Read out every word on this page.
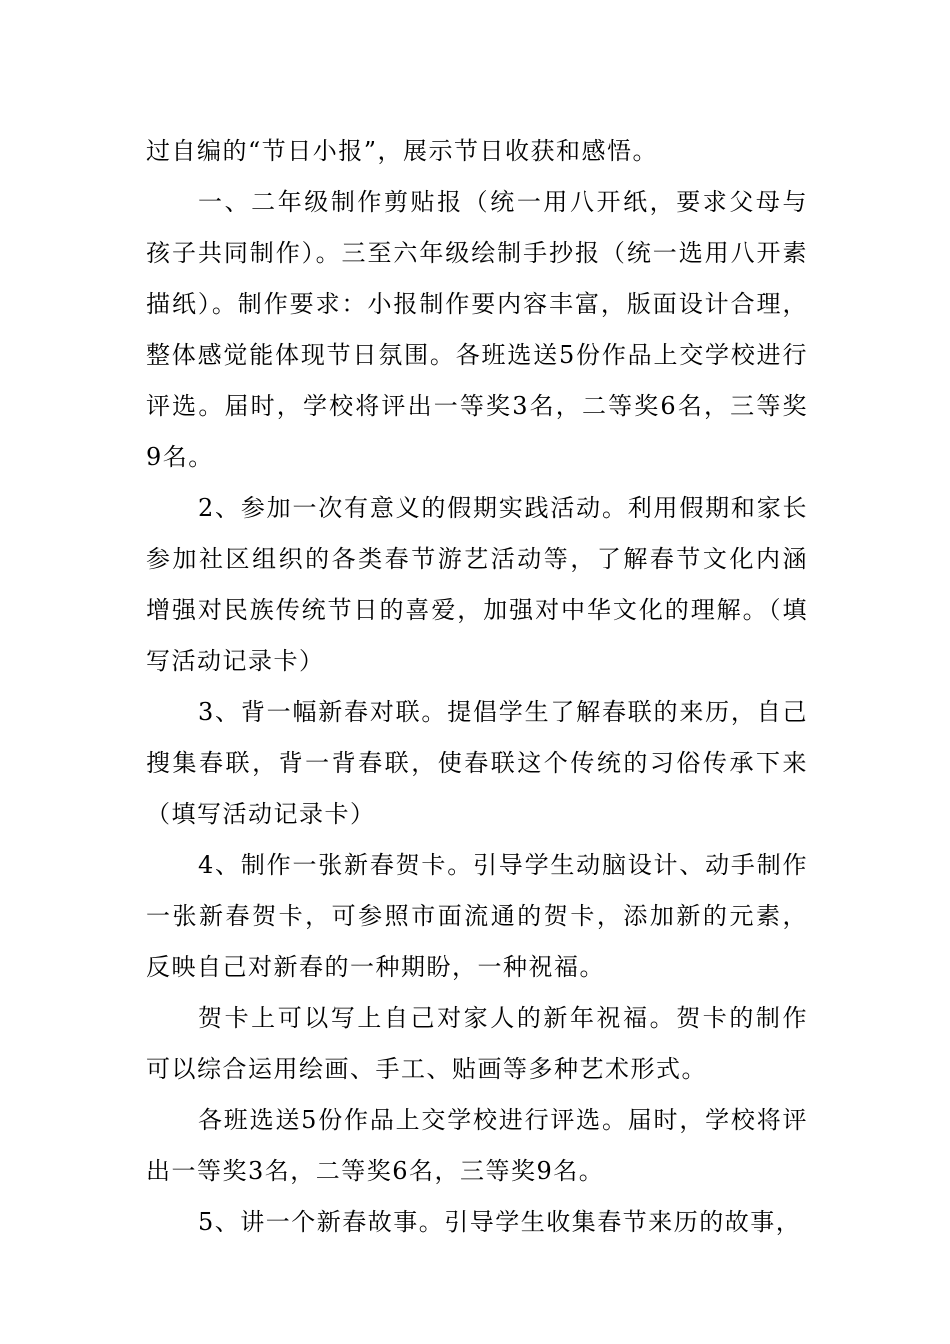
过自编的“节日小报”，展示节日收获和感悟。

一、二年级制作剪贴报（统一用八开纸，要求父母与孩子共同制作）。三至六年级绘制手抄报（统一选用八开素描纸）。制作要求：小报制作要内容丰富，版面设计合理，整体感觉能体现节日氛围。各班选送5份作品上交学校进行评选。届时，学校将评出一等奖3名，二等奖6名，三等奖9名。

2、参加一次有意义的假期实践活动。利用假期和家长参加社区组织的各类春节游艺活动等，了解春节文化内涵增强对民族传统节日的喜爱，加强对中华文化的理解。（填写活动记录卡）

3、背一幅新春对联。提倡学生了解春联的来历，自己搜集春联，背一背春联，使春联这个传统的习俗传承下来（填写活动记录卡）

4、制作一张新春贺卡。引导学生动脑设计、动手制作一张新春贺卡，可参照市面流通的贺卡，添加新的元素，反映自己对新春的一种期盼，一种祝福。

贺卡上可以写上自己对家人的新年祝福。贺卡的制作可以综合运用绘画、手工、贴画等多种艺术形式。

各班选送5份作品上交学校进行评选。届时，学校将评出一等奖3名，二等奖6名，三等奖9名。

5、讲一个新春故事。引导学生收集春节来历的故事，
